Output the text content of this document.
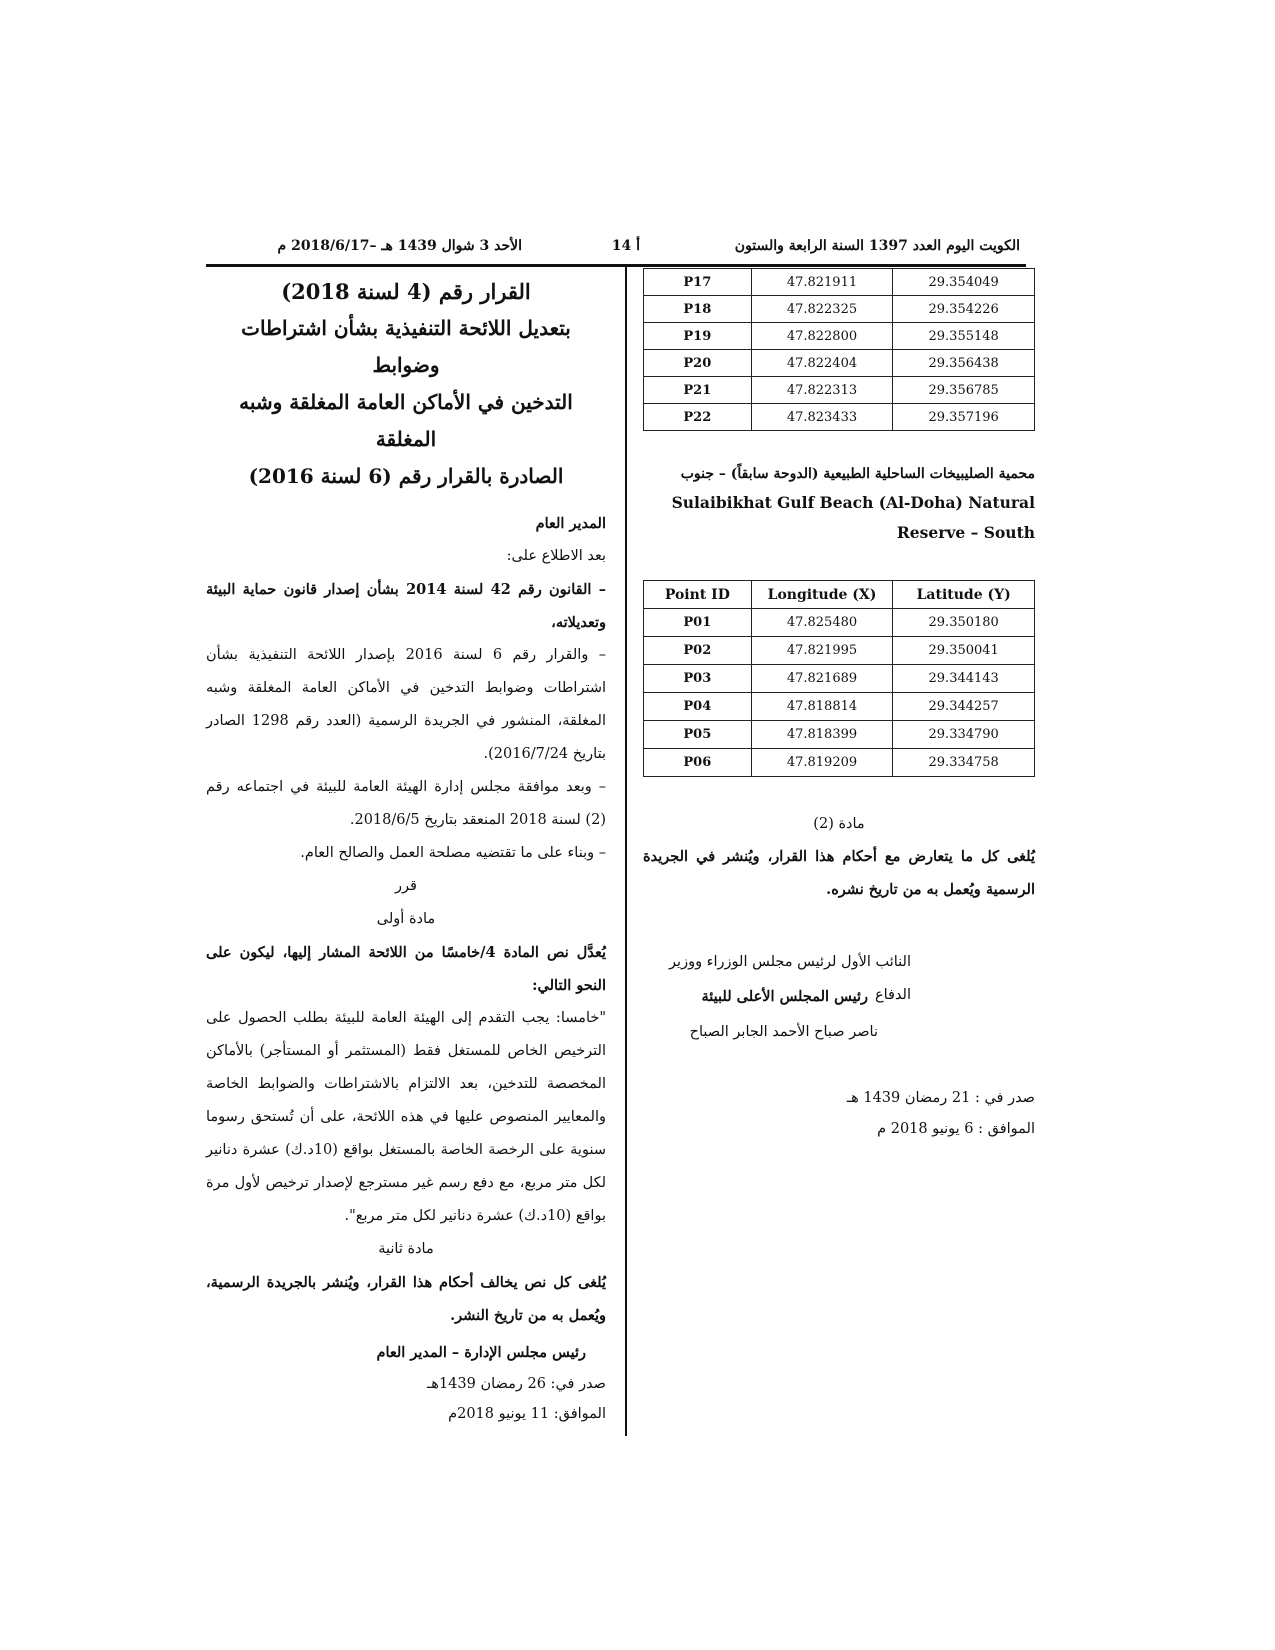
الأحد 3 شوال 1439 هـ –2018/6/17 م	أ 14	الكويت اليوم العدد 1397 السنة الرابعة والستون

القرار رقم (4 لسنة 2018)

بتعديل اللائحة التنفيذية بشأن اشتراطات وضوابط

التدخين في الأماكن العامة المغلقة وشبه المغلقة

الصادرة بالقرار رقم (6 لسنة 2016)

المدير العام

بعد الاطلاع على:

– القانون رقم 42 لسنة 2014 بشأن إصدار قانون حماية البيئة وتعديلاته،

– والقرار رقم 6 لسنة 2016 بإصدار اللائحة التنفيذية بشأن اشتراطات وضوابط التدخين في الأماكن العامة المغلقة وشبه المغلقة، المنشور في الجريدة الرسمية (العدد رقم 1298 الصادر بتاريخ 2016/7/24).

– وبعد موافقة مجلس إدارة الهيئة العامة للبيئة في اجتماعه رقم (2) لسنة 2018 المنعقد بتاريخ 2018/6/5.

– وبناء على ما تقتضيه مصلحة العمل والصالح العام.

قرر

مادة أولى

يُعدَّل نص المادة 4/خامسًا من اللائحة المشار إليها، ليكون على النحو التالي:

"خامسا: يجب التقدم إلى الهيئة العامة للبيئة بطلب الحصول على الترخيص الخاص للمستغل فقط (المستثمر أو المستأجر) بالأماكن المخصصة للتدخين، بعد الالتزام بالاشتراطات والضوابط الخاصة والمعايير المنصوص عليها في هذه اللائحة، على أن تُستحق رسوما سنوية على الرخصة الخاصة بالمستغل بواقع (10د.ك) عشرة دنانير لكل متر مربع، مع دفع رسم غير مسترجع لإصدار ترخيص لأول مرة بواقع (10د.ك) عشرة دنانير لكل متر مربع".

مادة ثانية

يُلغى كل نص يخالف أحكام هذا القرار، ويُنشر بالجريدة الرسمية، ويُعمل به من تاريخ النشر.

رئيس مجلس الإدارة – المدير العام

صدر في: 26 رمضان 1439هـ
الموافق: 11 يونيو 2018م
P17	47.821911	29.354049
P18	47.822325	29.354226
P19	47.822800	29.355148
P20	47.822404	29.356438
P21	47.822313	29.356785
P22	47.823433	29.357196
محمية الصليبيخات الساحلية الطبيعية (الدوحة سابقاً) – جنوب
Sulaibikhat Gulf Beach (Al-Doha) Natural
Reserve – South
Point ID	Longitude (X)	Latitude (Y)
P01	47.825480	29.350180
P02	47.821995	29.350041
P03	47.821689	29.344143
P04	47.818814	29.344257
P05	47.818399	29.334790
P06	47.819209	29.334758
مادة (2)
يُلغى كل ما يتعارض مع أحكام هذا القرار، ويُنشر في الجريدة الرسمية ويُعمل به من تاريخ نشره.
النائب الأول لرئيس مجلس الوزراء ووزير الدفاع
رئيس المجلس الأعلى للبيئة
ناصر صباح الأحمد الجابر الصباح
صدر في : 21 رمضان 1439 هـ
الموافق : 6 يونيو 2018 م
